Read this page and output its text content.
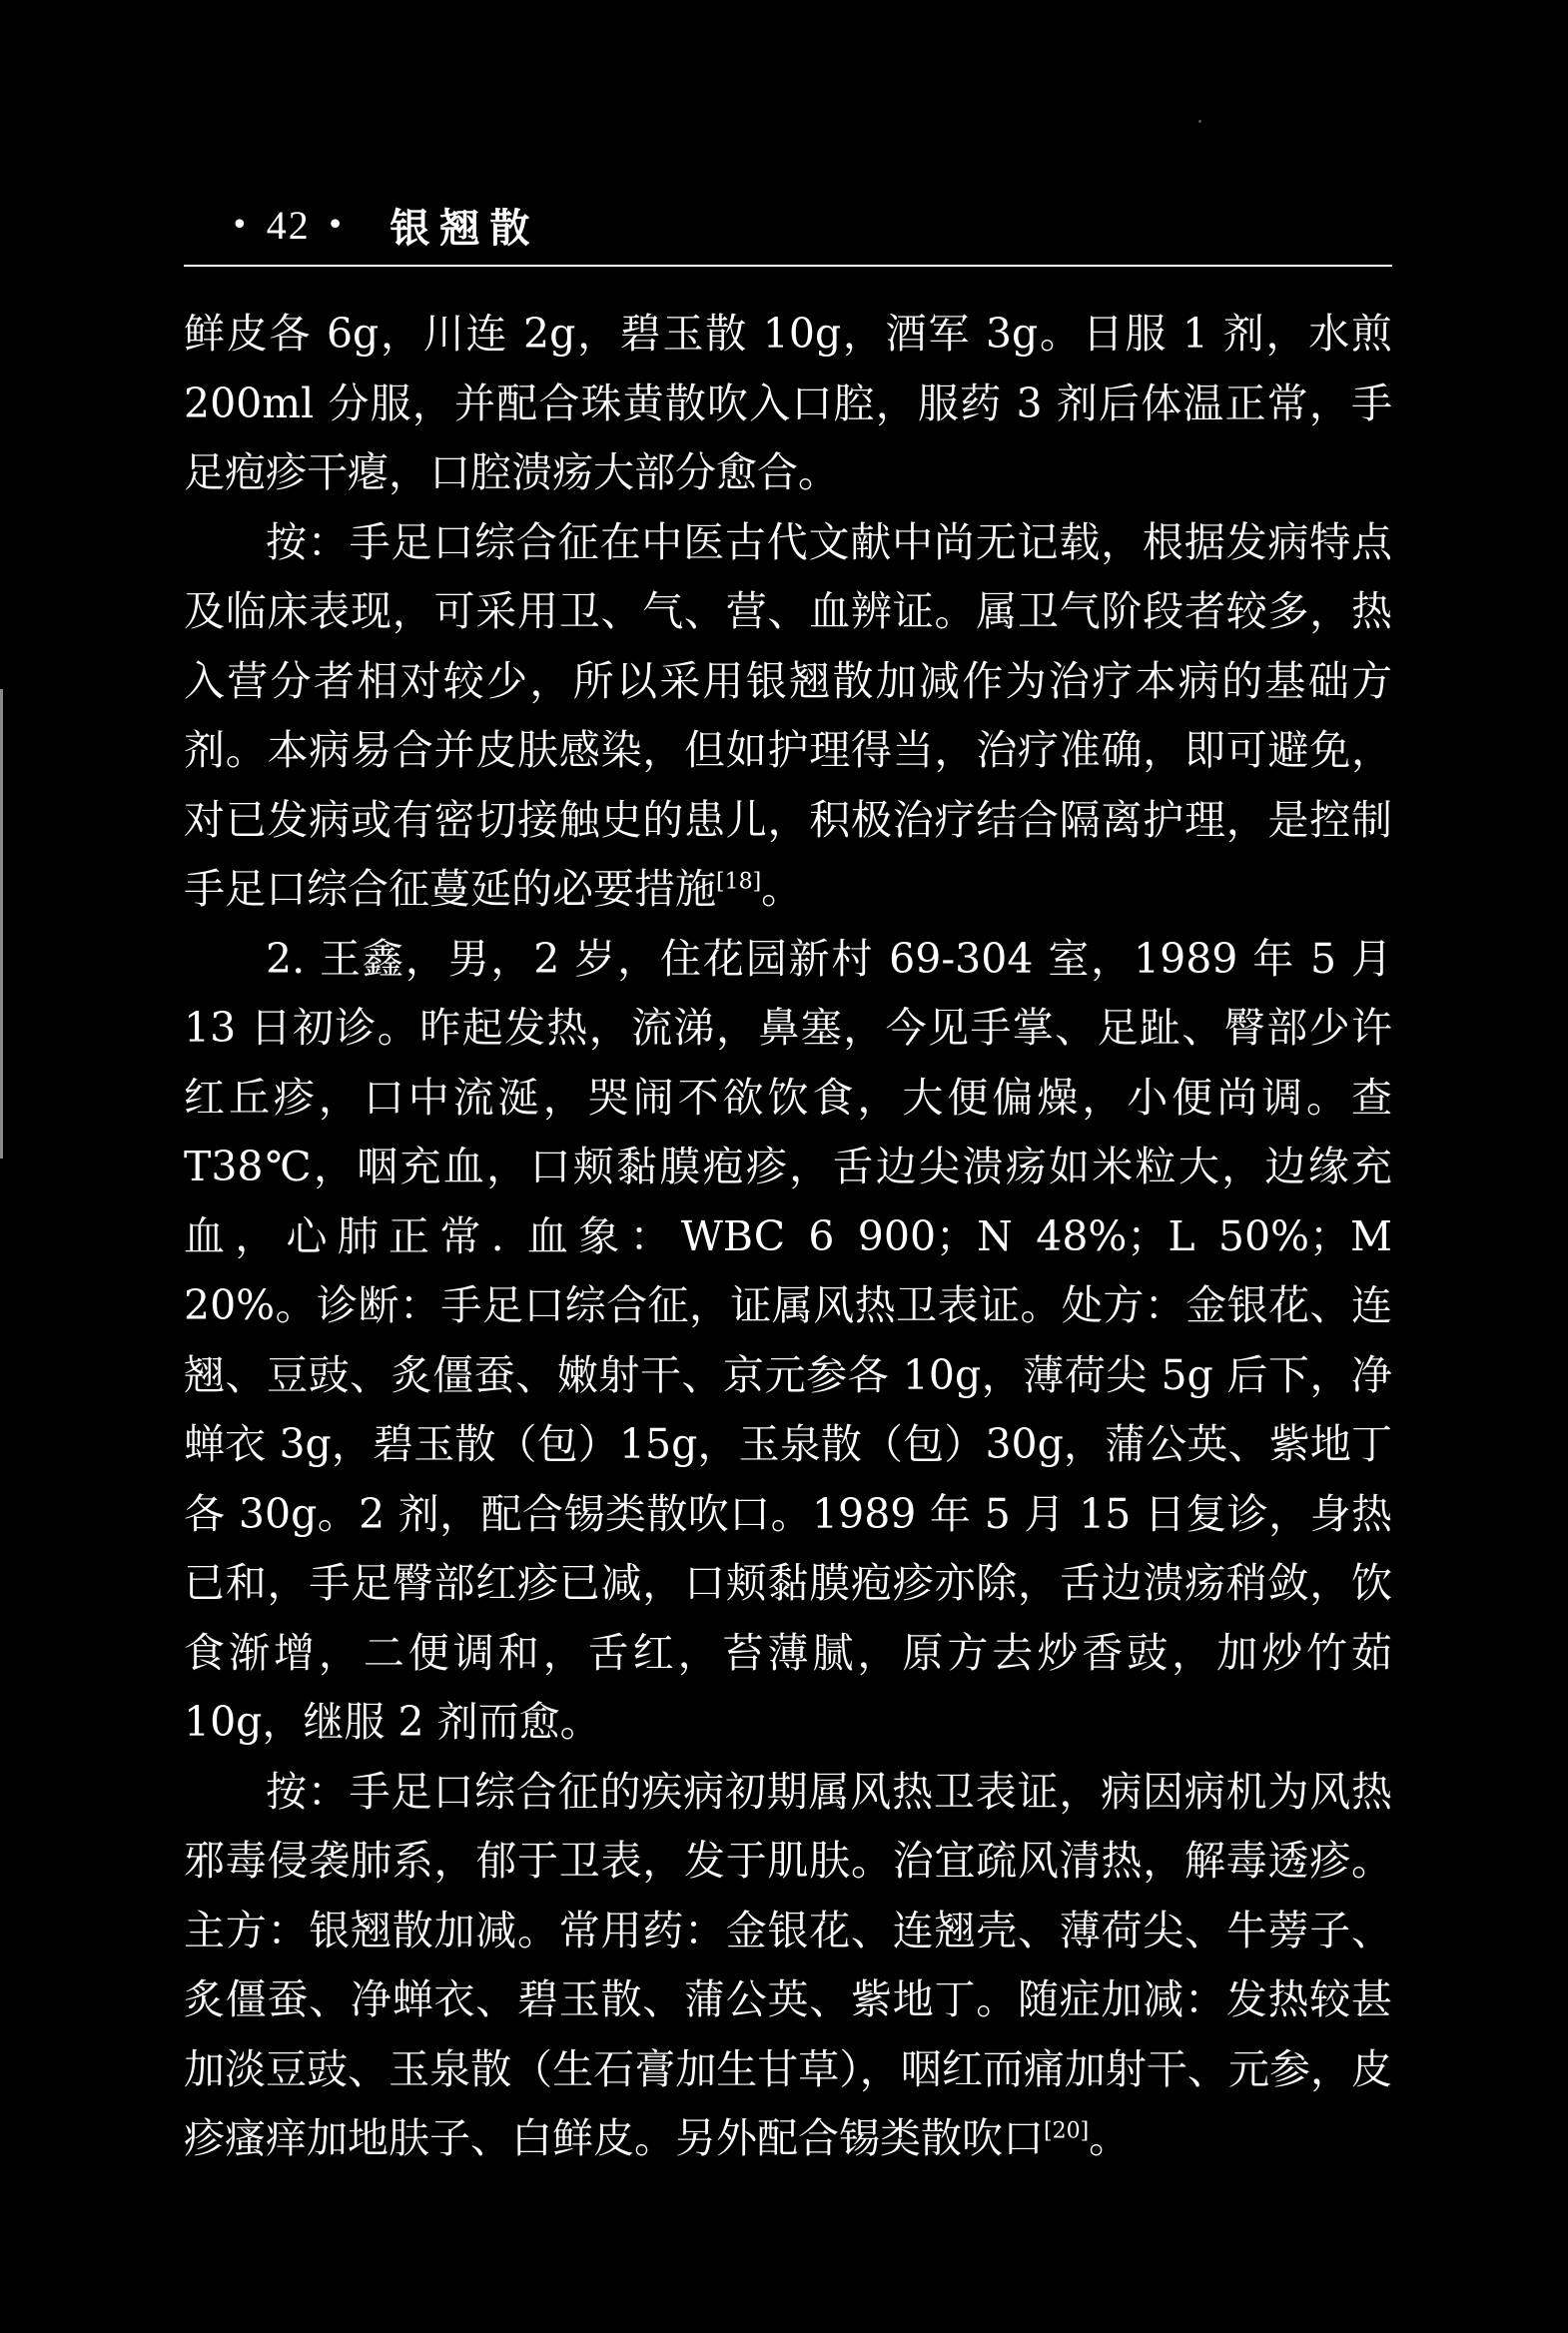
• 42 • 银翘散

鲜皮各 6g，川连 2g，碧玉散 10g，酒军 3g。日服 1 剂，水煎 200ml 分服，并配合珠黄散吹入口腔，服药 3 剂后体温正常，手足疱疹干瘪，口腔溃疡大部分愈合。

按：手足口综合征在中医古代文献中尚无记载，根据发病特点及临床表现，可采用卫、气、营、血辨证。属卫气阶段者较多，热入营分者相对较少，所以采用银翘散加减作为治疗本病的基础方剂。本病易合并皮肤感染，但如护理得当，治疗准确，即可避免，对已发病或有密切接触史的患儿，积极治疗结合隔离护理，是控制手足口综合征蔓延的必要措施[18]。

2. 王鑫，男，2 岁，住花园新村 69-304 室，1989 年 5 月 13 日初诊。昨起发热，流涕，鼻塞，今见手掌、足趾、臀部少许红丘疹，口中流涎，哭闹不欲饮食，大便偏燥，小便尚调。查 T38℃，咽充血，口颊黏膜疱疹，舌边尖溃疡如米粒大，边缘充血，心肺正常. 血象：WBC 6 900；N 48%；L 50%；M 20%。诊断：手足口综合征，证属风热卫表证。处方：金银花、连翘、豆豉、炙僵蚕、嫩射干、京元参各 10g，薄荷尖 5g 后下，净蝉衣 3g，碧玉散（包）15g，玉泉散（包）30g，蒲公英、紫地丁各 30g。2 剂，配合锡类散吹口。1989 年 5 月 15 日复诊，身热已和，手足臀部红疹已减，口颊黏膜疱疹亦除，舌边溃疡稍敛，饮食渐增，二便调和，舌红，苔薄腻，原方去炒香豉，加炒竹茹 10g，继服 2 剂而愈。

按：手足口综合征的疾病初期属风热卫表证，病因病机为风热邪毒侵袭肺系，郁于卫表，发于肌肤。治宜疏风清热，解毒透疹。主方：银翘散加减。常用药：金银花、连翘壳、薄荷尖、牛蒡子、炙僵蚕、净蝉衣、碧玉散、蒲公英、紫地丁。随症加减：发热较甚加淡豆豉、玉泉散（生石膏加生甘草），咽红而痛加射干、元参，皮疹瘙痒加地肤子、白鲜皮。另外配合锡类散吹口[20]。
